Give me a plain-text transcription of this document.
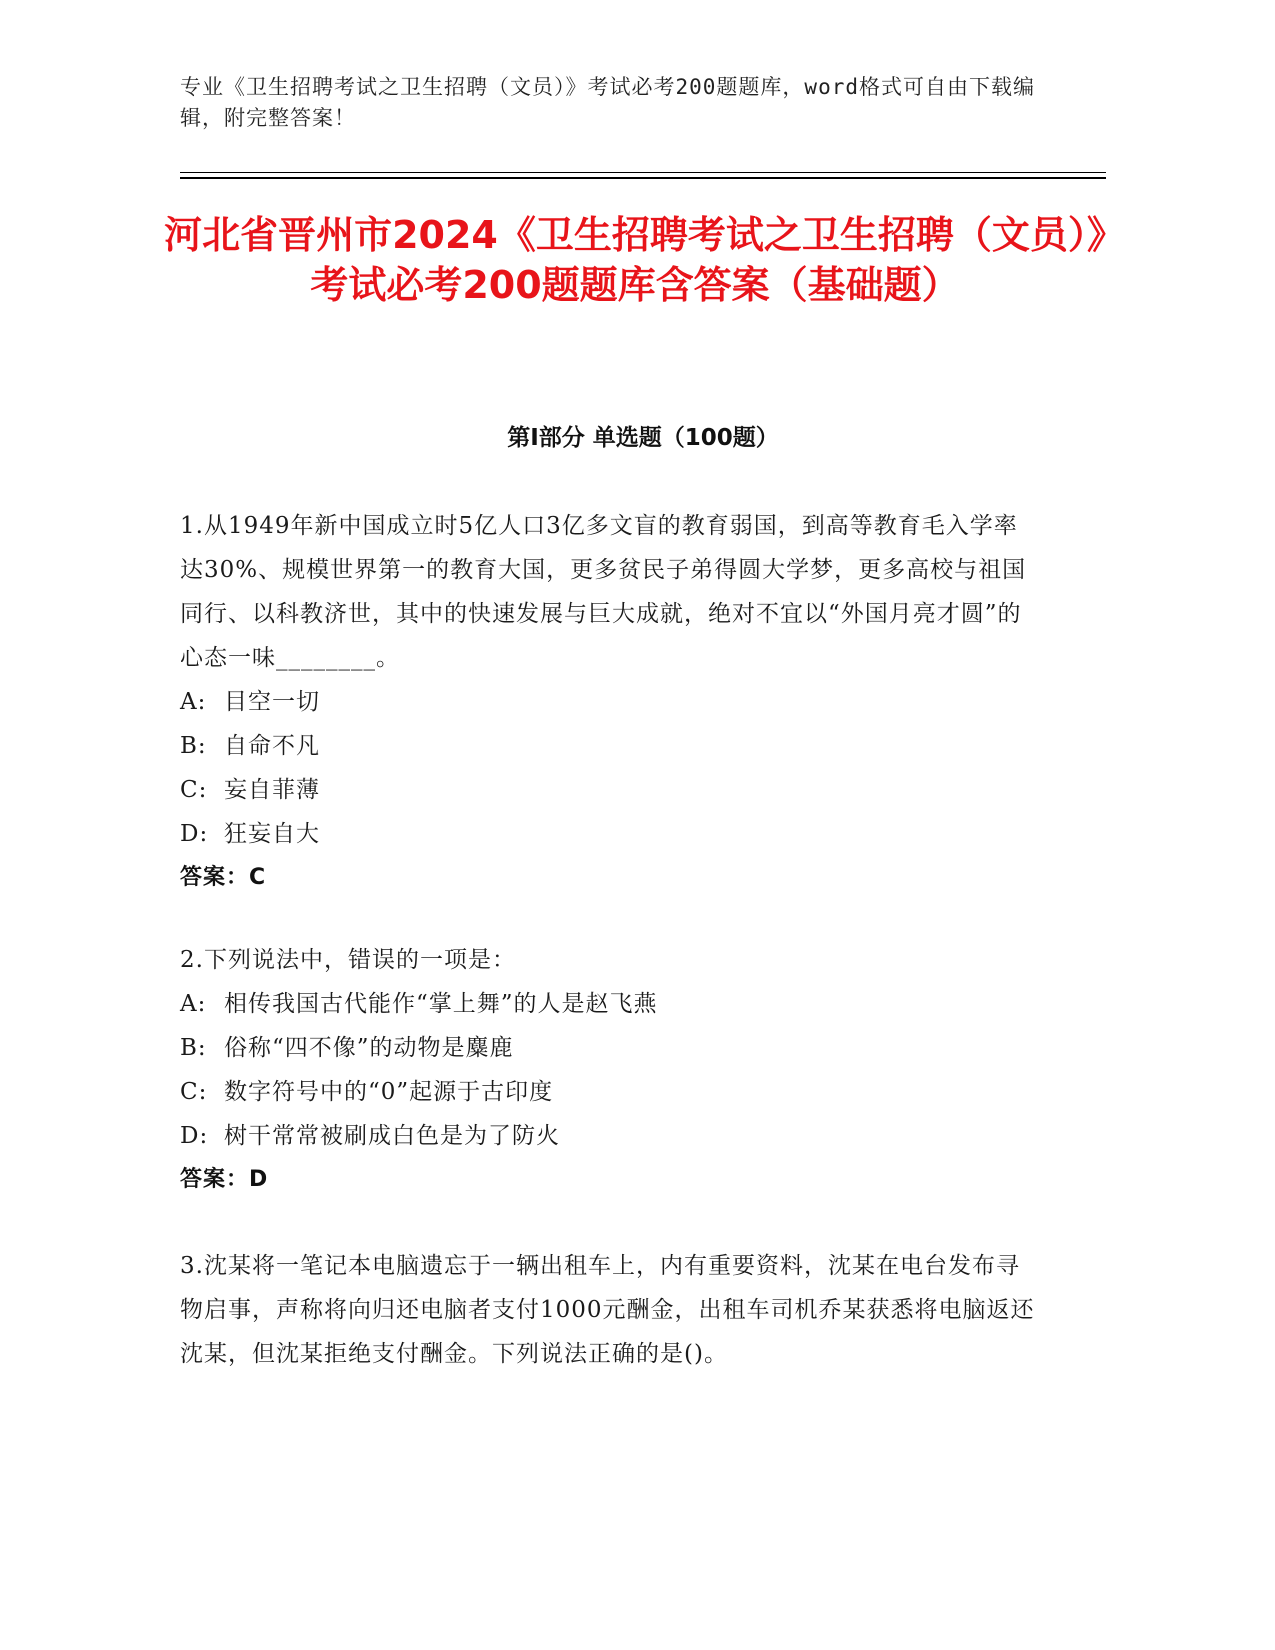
专业《卫生招聘考试之卫生招聘（文员）》考试必考200题题库，word格式可自由下载编辑，附完整答案！
河北省晋州市2024《卫生招聘考试之卫生招聘（文员）》考试必考200题题库含答案（基础题）
第Ⅰ部分 单选题（100题）

1.从1949年新中国成立时5亿人口3亿多文盲的教育弱国，到高等教育毛入学率达30%、规模世界第一的教育大国，更多贫民子弟得圆大学梦，更多高校与祖国同行、以科教济世，其中的快速发展与巨大成就，绝对不宜以“外国月亮才圆”的心态一味________。

A: 目空一切

B: 自命不凡

C: 妄自菲薄

D: 狂妄自大

答案：C

2.下列说法中，错误的一项是：

A: 相传我国古代能作“掌上舞”的人是赵飞燕

B: 俗称“四不像”的动物是麋鹿

C: 数字符号中的“0”起源于古印度

D: 树干常常被刷成白色是为了防火

答案：D

3.沈某将一笔记本电脑遗忘于一辆出租车上，内有重要资料，沈某在电台发布寻物启事，声称将向归还电脑者支付1000元酬金，出租车司机乔某获悉将电脑返还沈某，但沈某拒绝支付酬金。下列说法正确的是()。
